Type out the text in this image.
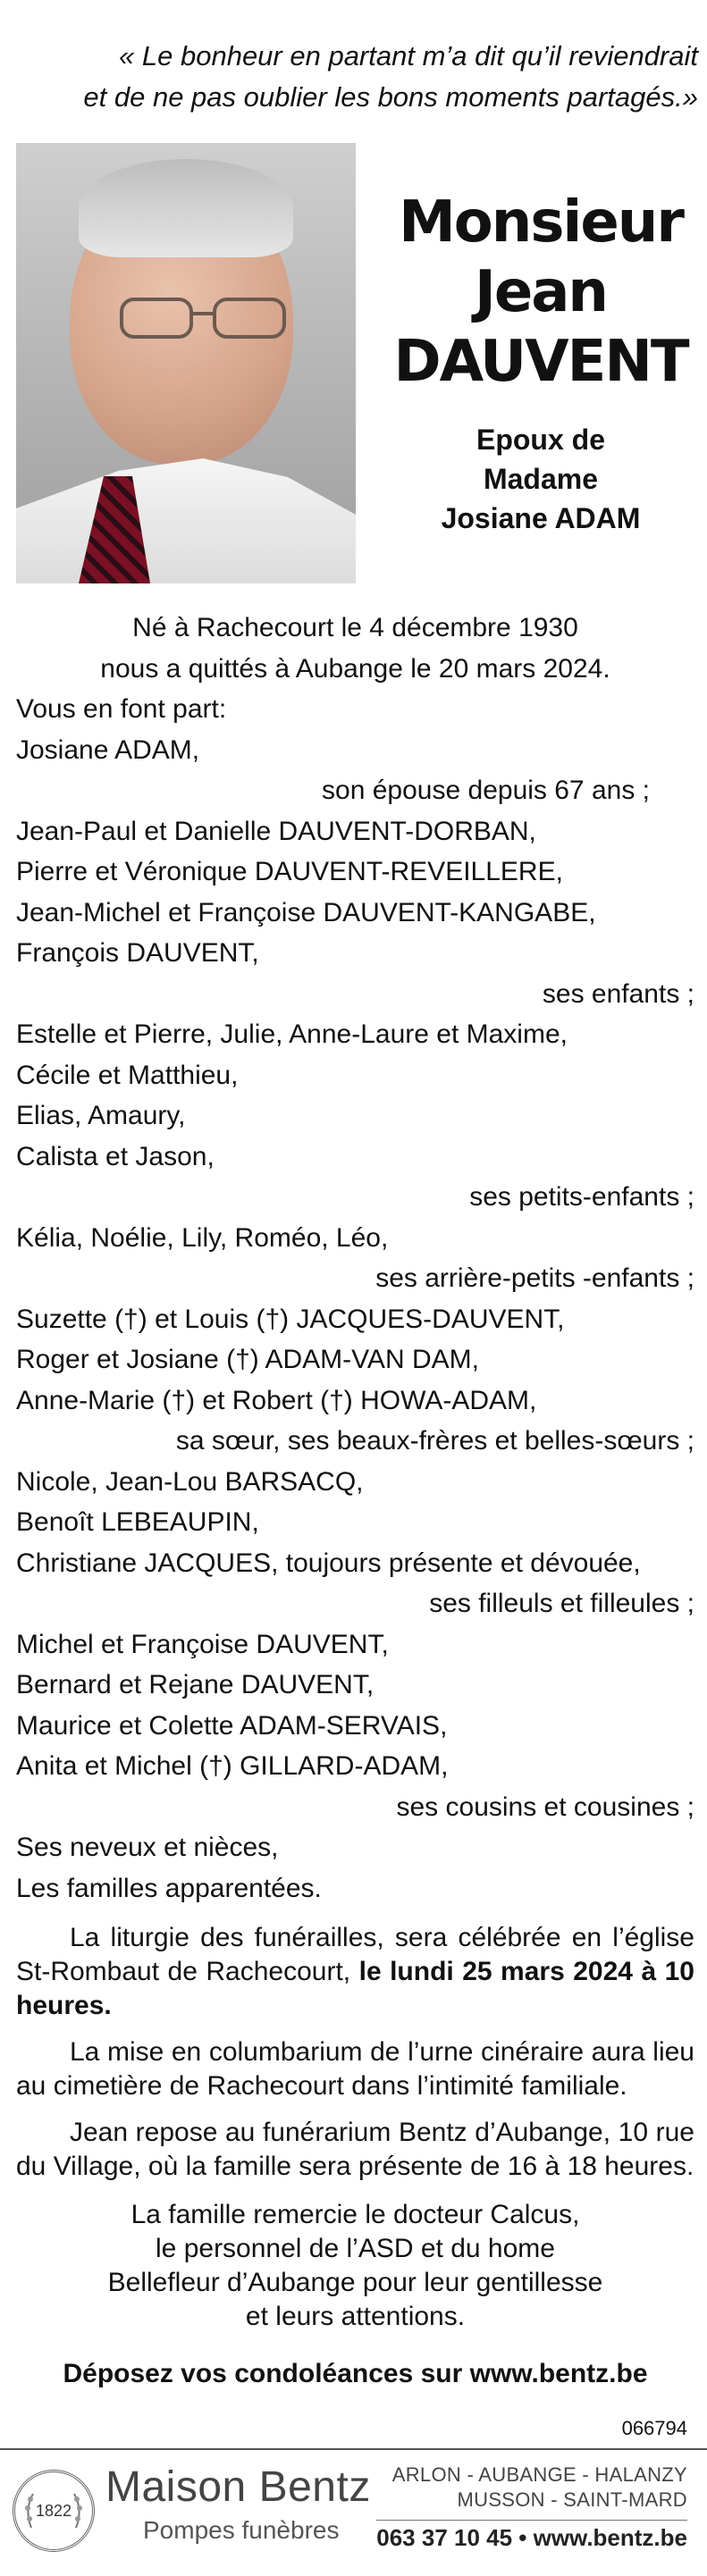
« Le bonheur en partant m’a dit qu’il reviendrait
et de ne pas oublier les bons moments partagés.»
Monsieur
Jean
DAUVENT
Epoux de
Madame
Josiane ADAM
Né à Rachecourt le 4 décembre 1930
nous a quittés à Aubange le 20 mars 2024.
Vous en font part:
Josiane ADAM,
son épouse depuis 67 ans ;
Jean-Paul et Danielle DAUVENT-DORBAN,
Pierre et Véronique DAUVENT-REVEILLERE,
Jean-Michel et Françoise DAUVENT-KANGABE,
François DAUVENT,
ses enfants ;
Estelle et Pierre, Julie, Anne-Laure et Maxime,
Cécile et Matthieu,
Elias, Amaury,
Calista et Jason,
ses petits-enfants ;
Kélia, Noélie, Lily, Roméo, Léo,
ses arrière-petits -enfants ;
Suzette (†) et Louis (†) JACQUES-DAUVENT,
Roger et Josiane (†) ADAM-VAN DAM,
Anne-Marie (†) et Robert (†) HOWA-ADAM,
sa sœur, ses beaux-frères et belles-sœurs ;
Nicole, Jean-Lou BARSACQ,
Benoît LEBEAUPIN,
Christiane JACQUES, toujours présente et dévouée,
ses filleuls et filleules ;
Michel et Françoise DAUVENT,
Bernard et Rejane DAUVENT,
Maurice et Colette ADAM-SERVAIS,
Anita et Michel (†) GILLARD-ADAM,
ses cousins et cousines ;
Ses neveux et nièces,
Les familles apparentées.
La liturgie des funérailles, sera célébrée en l’église St-Rombaut de Rachecourt, le lundi 25 mars 2024 à 10 heures.
La mise en columbarium de l’urne cinéraire aura lieu au cimetière de Rachecourt dans l’intimité familiale.
Jean repose au funérarium Bentz d’Aubange, 10 rue du Village, où la famille sera présente de 16 à 18 heures.
La famille remercie le docteur Calcus,
le personnel de l’ASD et du home
Bellefleur d’Aubange pour leur gentillesse
et leurs attentions.
Déposez vos condoléances sur www.bentz.be
066794
1822 Maison Bentz
Pompes funèbres
ARLON - AUBANGE - HALANZY
MUSSON - SAINT-MARD
063 37 10 45 • www.bentz.be
